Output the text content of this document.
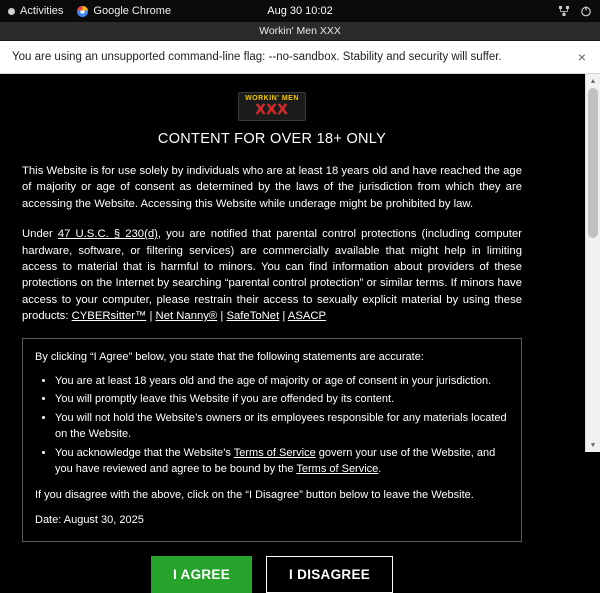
Activities	Google Chrome	Aug 30 10:02
Workin' Men XXX
You are using an unsupported command-line flag: --no-sandbox. Stability and security will suffer.	×
WORKIN' MEN
XXX
CONTENT FOR OVER 18+ ONLY

This Website is for use solely by individuals who are at least 18 years old and have reached the age of majority or age of consent as determined by the laws of the jurisdiction from which they are accessing the Website. Accessing this Website while underage might be prohibited by law.

Under 47 U.S.C. § 230(d), you are notified that parental control protections (including computer hardware, software, or filtering services) are commercially available that might help in limiting access to material that is harmful to minors. You can find information about providers of these protections on the Internet by searching “parental control protection” or similar terms. If minors have access to your computer, please restrain their access to sexually explicit material by using these products: CYBERsitter™ | Net Nanny® | SafeToNet | ASACP

By clicking “I Agree” below, you state that the following statements are accurate:

• You are at least 18 years old and the age of majority or age of consent in your jurisdiction.
• You will promptly leave this Website if you are offended by its content.
• You will not hold the Website’s owners or its employees responsible for any materials located on the Website.
• You acknowledge that the Website’s Terms of Service govern your use of the Website, and you have reviewed and agree to be bound by the Terms of Service.

If you disagree with the above, click on the “I Disagree” button below to leave the Website.

Date: August 30, 2025

I AGREE	I DISAGREE
▲
▼
